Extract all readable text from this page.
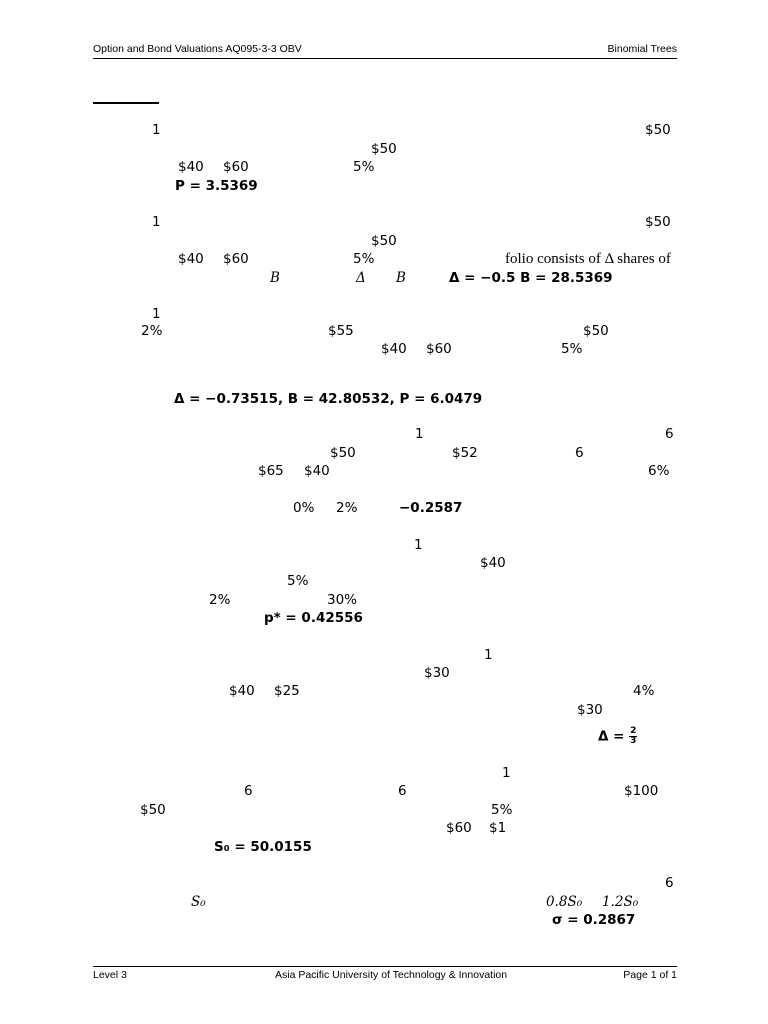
Option and Bond Valuations AQ095-3-3 OBV	Binomial Trees
1	$50
$50
$40 $60	5%
P = 3.5369
1	$50
$50
$40 $60	5%	folio consists of Δ shares of
B	Δ B	Δ = −0.5 B = 28.5369
1
2%	$55	$50
$40 $60	5%
Δ = −0.73515, B = 42.80532, P = 6.0479
1	6
$50	$52	6
$65 $40	6%
0% 2%	−0.2587
1
$40
5%
2%	30%
p* = 0.42556
1
$30
$40 $25	4%
$30
$\Delta = \frac{2}{3}$
1
6	6	$100
$50	5%
$60 $1
S₀ = 50.0155
6
S₀	0.8S₀ 1.2S₀
σ = 0.2867
Level 3	Asia Pacific University of Technology & Innovation	Page 1 of 1
